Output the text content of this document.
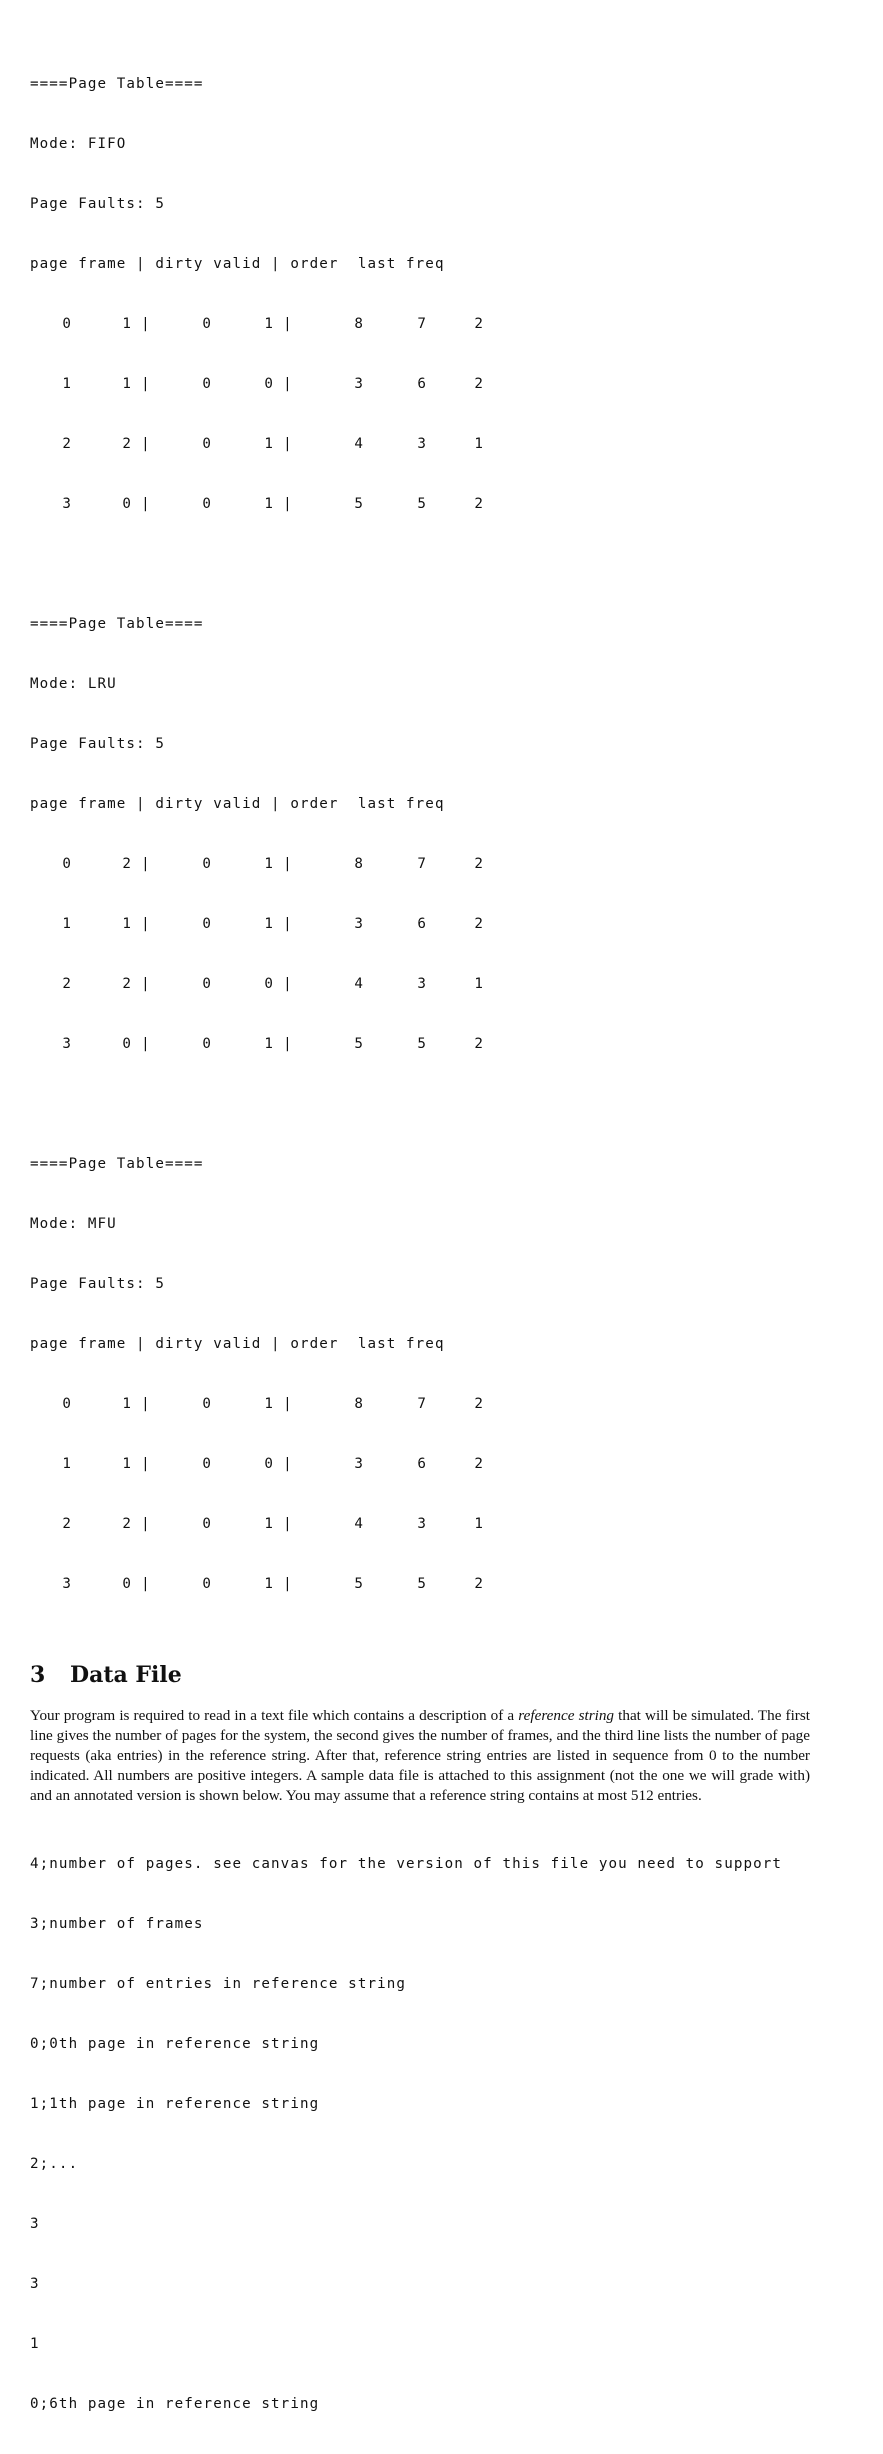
====Page Table====

Mode: FIFO

Page Faults: 5

page frame | dirty valid | order  last freq

0	1 |	0	1 |	8	7	2

1	1 |	0	0 |	3	6	2

2	2 |	0	1 |	4	3	1

3	0 |	0	1 |	5	5	2

====Page Table====

Mode: LRU

Page Faults: 5

page frame | dirty valid | order  last freq

0	2 |	0	1 |	8	7	2

1	1 |	0	1 |	3	6	2

2	2 |	0	0 |	4	3	1

3	0 |	0	1 |	5	5	2

====Page Table====

Mode: MFU

Page Faults: 5

page frame | dirty valid | order  last freq

0	1 |	0	1 |	8	7	2

1	1 |	0	0 |	3	6	2

2	2 |	0	1 |	4	3	1

3	0 |	0	1 |	5	5	2

3 Data File

Your program is required to read in a text file which contains a description of a reference string that will be simulated. The first line gives the number of pages for the system, the second gives the number of frames, and the third line lists the number of page requests (aka entries) in the reference string. After that, reference string entries are listed in sequence from 0 to the number indicated. All numbers are positive integers. A sample data file is attached to this assignment (not the one we will grade with) and an annotated version is shown below. You may assume that a reference string contains at most 512 entries.

4;number of pages. see canvas for the version of this file you need to support

3;number of frames

7;number of entries in reference string

0;0th page in reference string

1;1th page in reference string

2;...

3

3

1

0;6th page in reference string
